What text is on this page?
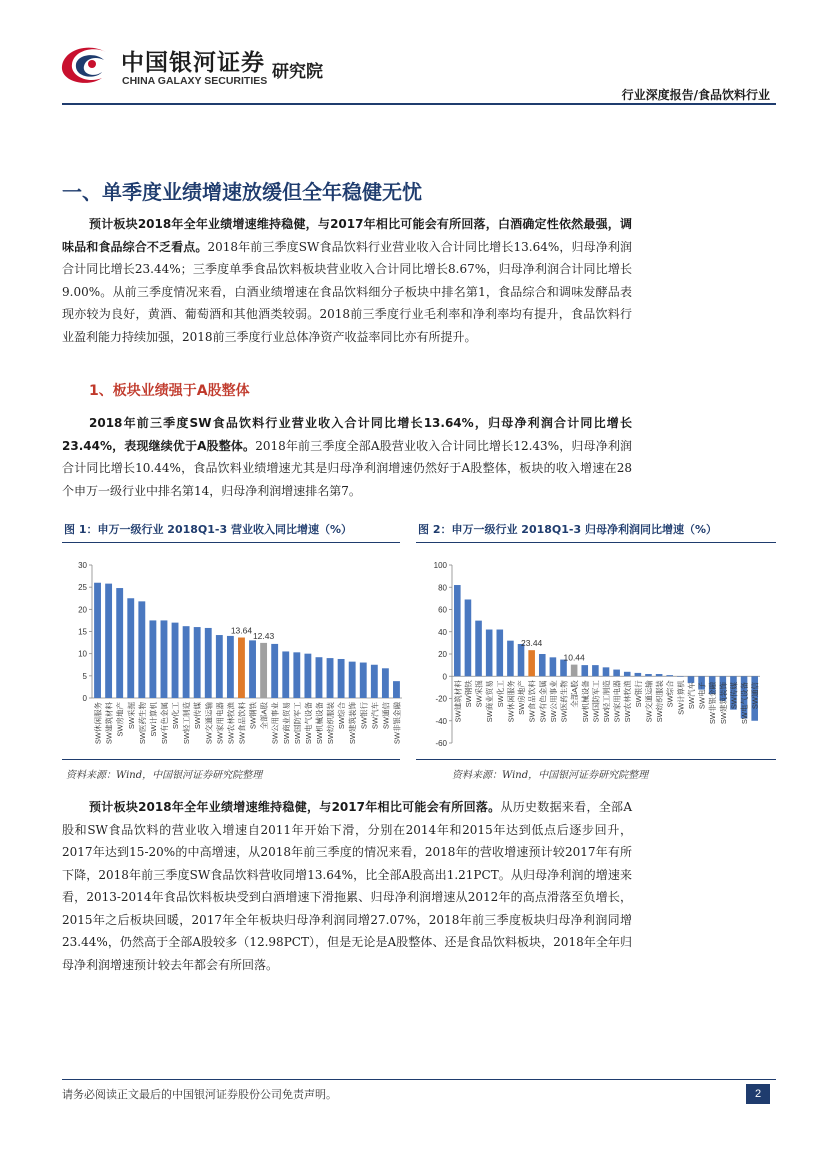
中国银河证券
CHINA GALAXY SECURITIES 研究院
行业深度报告/食品饮料行业
一、单季度业绩增速放缓但全年稳健无忧
预计板块2018年全年业绩增速维持稳健，与2017年相比可能会有所回落，白酒确定性依然最强，调味品和食品综合不乏看点。2018年前三季度SW食品饮料行业营业收入合计同比增长13.64%，归母净利润合计同比增长23.44%；三季度单季食品饮料板块营业收入合计同比增长8.67%，归母净利润合计同比增长9.00%。从前三季度情况来看，白酒业绩增速在食品饮料细分子板块中排名第1，食品综合和调味发酵品表现亦较为良好，黄酒、葡萄酒和其他酒类较弱。2018前三季度行业毛利率和净利率均有提升，食品饮料行业盈利能力持续加强，2018前三季度行业总体净资产收益率同比亦有所提升。
1、板块业绩强于A股整体
2018年前三季度SW食品饮料行业营业收入合计同比增长13.64%，归母净利润合计同比增长23.44%，表现继续优于A股整体。2018年前三季度全部A股营业收入合计同比增长12.43%，归母净利润合计同比增长10.44%，食品饮料业绩增速尤其是归母净利润增速仍然好于A股整体，板块的收入增速在28个申万一级行业中排名第14，归母净利润增速排名第7。
图 1：申万一级行业 2018Q1-3 营业收入同比增速（%）	图 2：申万一级行业 2018Q1-3 归母净利润同比增速（%）
0
5
10
15
20
25
30
SW休闲服务 SW建筑材料 SW房地产 SW采掘 SW医药生物 SW计算机 SW有色金属 SW化工 SW轻工制造 SW传媒 SW交通运输 SW家用电器 SW农林牧渔 SW食品饮料 SW钢铁 全部A股 SW公用事业 SW商业贸易 SW国防军工 SW电气设备 SW机械设备 SW纺织服装 SW综合 SW建筑装饰 SW银行 SW汽车 SW通信 SW非银金融
13.64
12.43
-60
-40
-20
0
20
40
60
80
100
SW建筑材料 SW钢铁 SW采掘 SW商业贸易 SW化工 SW休闲服务 SW房地产 SW食品饮料 SW有色金属 SW公用事业 SW医药生物 全部A股 SW机械设备 SW国防军工 SW轻工制造 SW家用电器 SW农林牧渔 SW银行 SW交通运输 SW纺织服装 SW综合 SW计算机 SW汽车 SW电子 SW非银金融 SW建筑装饰 SW传媒 SW电气设备 SW通信
23.44
10.44
资料来源：Wind，中国银河证券研究院整理	资料来源：Wind，中国银河证券研究院整理
预计板块2018年全年业绩增速维持稳健，与2017年相比可能会有所回落。从历史数据来看，全部A股和SW食品饮料的营业收入增速自2011年开始下滑，分别在2014年和2015年达到低点后逐步回升，2017年达到15-20%的中高增速，从2018年前三季度的情况来看，2018年的营收增速预计较2017年有所下降，2018年前三季度SW食品饮料营收同增13.64%，比全部A股高出1.21PCT。从归母净利润的增速来看，2013-2014年食品饮料板块受到白酒增速下滑拖累、归母净利润增速从2012年的高点滑落至负增长，2015年之后板块回暖，2017年全年板块归母净利润同增27.07%，2018年前三季度板块归母净利润同增23.44%，仍然高于全部A股较多（12.98PCT），但是无论是A股整体、还是食品饮料板块，2018年全年归母净利润增速预计较去年都会有所回落。
请务必阅读正文最后的中国银河证券股份公司免责声明。	2
